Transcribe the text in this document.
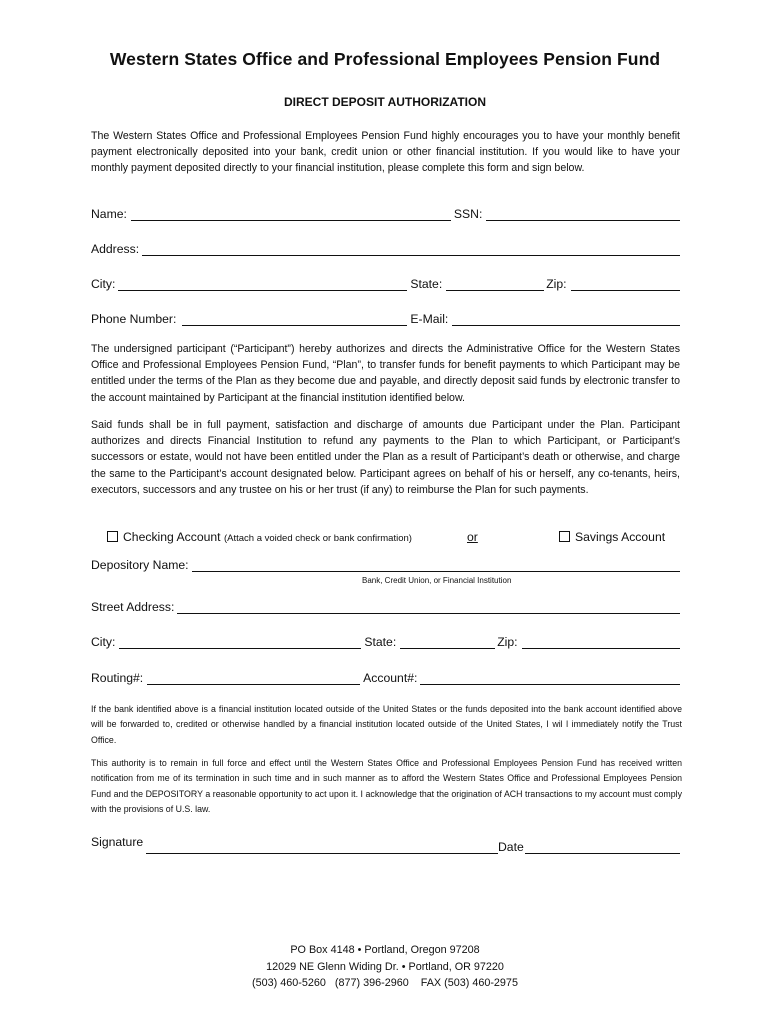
Western States Office and Professional Employees Pension Fund
DIRECT DEPOSIT AUTHORIZATION
The Western States Office and Professional Employees Pension Fund highly encourages you to have your monthly benefit payment electronically deposited into your bank, credit union or other financial institution. If you would like to have your monthly payment deposited directly to your financial institution, please complete this form and sign below.
Name:	SSN:
Address:
City:	State:	Zip:
Phone Number:	E-Mail:
The undersigned participant (“Participant”) hereby authorizes and directs the Administrative Office for the Western States Office and Professional Employees Pension Fund, “Plan”, to transfer funds for benefit payments to which Participant may be entitled under the terms of the Plan as they become due and payable, and directly deposit said funds by electronic transfer to the account maintained by Participant at the financial institution identified below.
Said funds shall be in full payment, satisfaction and discharge of amounts due Participant under the Plan. Participant authorizes and directs Financial Institution to refund any payments to the Plan to which Participant, or Participant’s successors or estate, would not have been entitled under the Plan as a result of Participant’s death or otherwise, and charge the same to the Participant’s account designated below. Participant agrees on behalf of his or herself, any co-tenants, heirs, executors, successors and any trustee on his or her trust (if any) to reimburse the Plan for such payments.
Checking Account (Attach a voided check or bank confirmation)	or	Savings Account
Depository Name:
Bank, Credit Union, or Financial Institution
Street Address:
City:	State:	Zip:
Routing#:	Account#:
If the bank identified above is a financial institution located outside of the United States or the funds deposited into the bank account identified above will be forwarded to, credited or otherwise handled by a financial institution located outside of the United States, I wil l immediately notify the Trust Office.
This authority is to remain in full force and effect until the Western States Office and Professional Employees Pension Fund has received written notification from me of its termination in such time and in such manner as to afford the Western States Office and Professional Employees Pension Fund and the DEPOSITORY a reasonable opportunity to act upon it. I acknowledge that the origination of ACH transactions to my account must comply with the provisions of U.S. law.
Signature	Date
PO Box 4148 • Portland, Oregon 97208
12029 NE Glenn Widing Dr. • Portland, OR 97220
(503) 460-5260   (877) 396-2960    FAX (503) 460-2975
